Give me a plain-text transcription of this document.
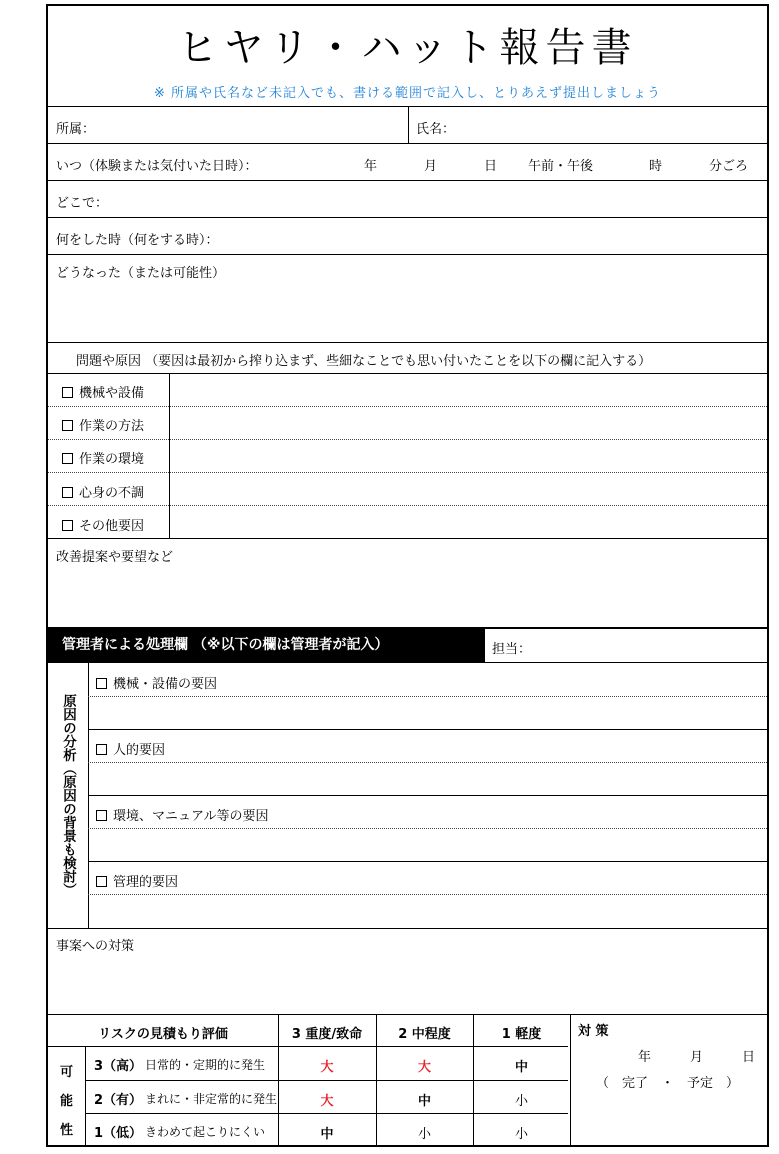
ヒヤリ・ハット報告書
※ 所属や氏名など未記入でも、書ける範囲で記入し、とりあえず提出しましょう
所属：	氏名：
いつ（体験または気付いた日時）：	年	月	日 午前・午後	時	分ごろ
どこで：
何をした時（何をする時）：
どうなった（または可能性）
問題や原因 （要因は最初から搾り込まず、些細なことでも思い付いたことを以下の欄に記入する）
機械や設備
作業の方法
作業の環境
心身の不調
その他要因
改善提案や要望など
管理者による処理欄 （※以下の欄は管理者が記入）	担当：
原因の分析（原因の背景も検討）
機械・設備の要因
人的要因
環境、マニュアル等の要因
管理的要因
事案への対策
リスクの見積もり評価	3 重度/致命	2 中程度	1 軽度
可
能
性
3（高） 日常的・定期的に発生	大	大	中
2（有） まれに・非定常的に発生	大	中	小
1（低） きわめて起こりにくい	中	小	小
対 策
年　　　月　　　日
（　完了　・　予定　）
